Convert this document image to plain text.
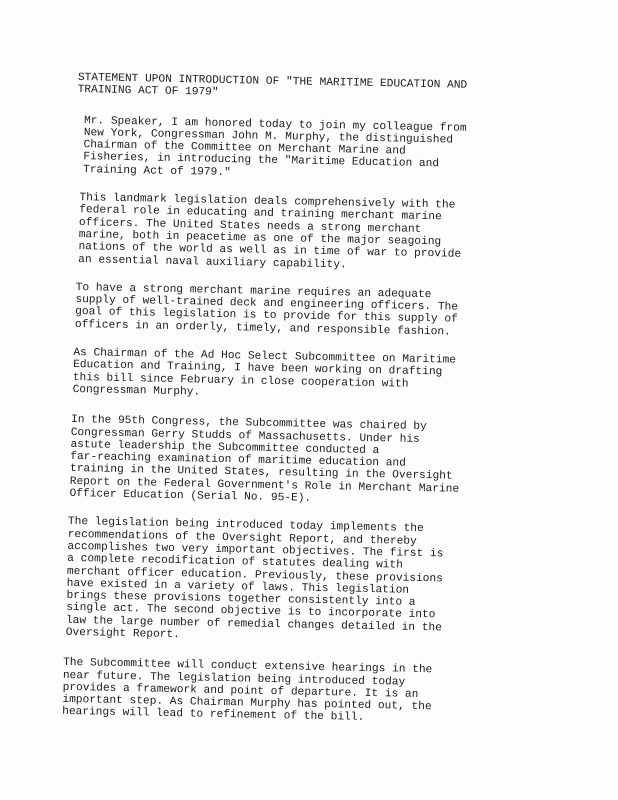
STATEMENT UPON INTRODUCTION OF "THE MARITIME EDUCATION AND
TRAINING ACT OF 1979"
Mr. Speaker, I am honored today to join my colleague from
New York, Congressman John M. Murphy, the distinguished
Chairman of the Committee on Merchant Marine and
Fisheries, in introducing the "Maritime Education and
Training Act of 1979."
This landmark legislation deals comprehensively with the
federal role in educating and training merchant marine
officers. The United States needs a strong merchant
marine, both in peacetime as one of the major seagoing
nations of the world as well as in time of war to provide
an essential naval auxiliary capability.
To have a strong merchant marine requires an adequate
supply of well-trained deck and engineering officers. The
goal of this legislation is to provide for this supply of
officers in an orderly, timely, and responsible fashion.
As Chairman of the Ad Hoc Select Subcommittee on Maritime
Education and Training, I have been working on drafting
this bill since February in close cooperation with
Congressman Murphy.
In the 95th Congress, the Subcommittee was chaired by
Congressman Gerry Studds of Massachusetts. Under his
astute leadership the Subcommittee conducted a
far-reaching examination of maritime education and
training in the United States, resulting in the Oversight
Report on the Federal Government's Role in Merchant Marine
Officer Education (Serial No. 95-E).
The legislation being introduced today implements the
recommendations of the Oversight Report, and thereby
accomplishes two very important objectives. The first is
a complete recodification of statutes dealing with
merchant officer education. Previously, these provisions
have existed in a variety of laws. This legislation
brings these provisions together consistently into a
single act. The second objective is to incorporate into
law the large number of remedial changes detailed in the
Oversight Report.
The Subcommittee will conduct extensive hearings in the
near future. The legislation being introduced today
provides a framework and point of departure. It is an
important step. As Chairman Murphy has pointed out, the
hearings will lead to refinement of the bill.
